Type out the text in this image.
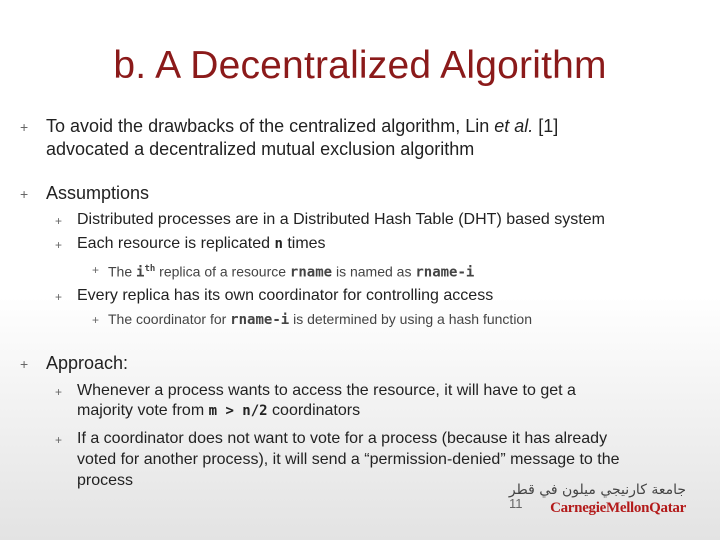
b. A Decentralized Algorithm
+ To avoid the drawbacks of the centralized algorithm, Lin et al. [1]
advocated a decentralized mutual exclusion algorithm
+ Assumptions
+ Distributed processes are in a Distributed Hash Table (DHT) based system
+ Each resource is replicated n times
+ The $i^{th}$ replica of a resource rname is named as rname-i
+ Every replica has its own coordinator for controlling access
+ The coordinator for rname-i is determined by using a hash function
+ Approach:
+ Whenever a process wants to access the resource, it will have to get a
majority vote from m > n/2 coordinators
+ If a coordinator does not want to vote for a process (because it has already
voted for another process), it will send a “permission-denied” message to the
process
11
جامعة كارنيجي ميلون في قطر
CarnegieMellonQatar
